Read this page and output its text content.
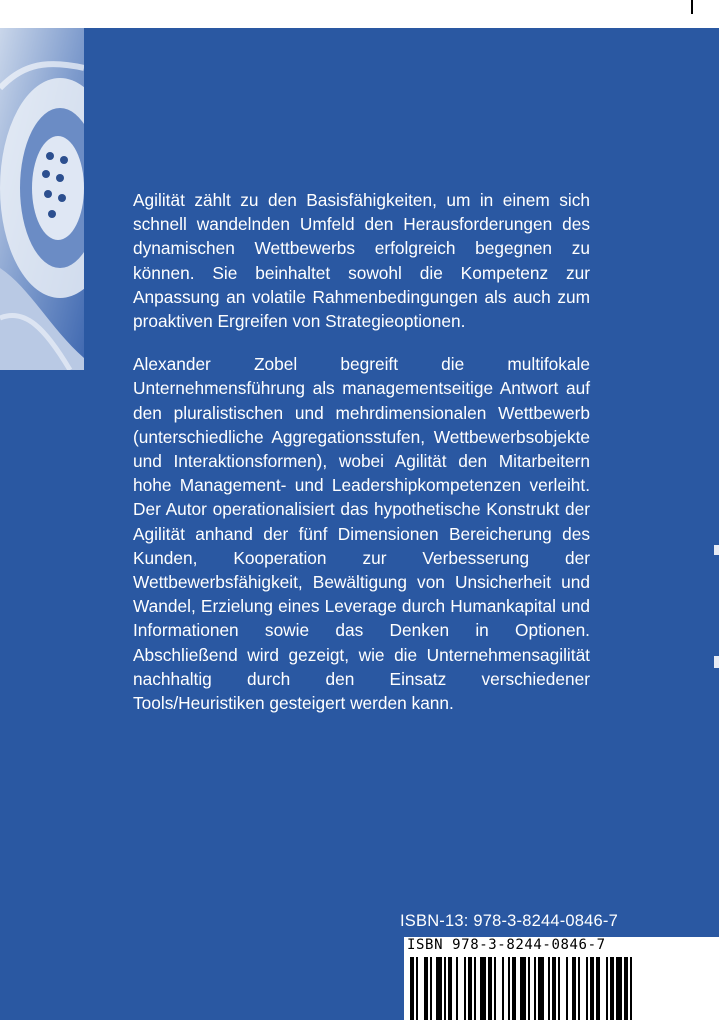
Agilität zählt zu den Basisfähigkeiten, um in einem sich schnell wandelnden Umfeld den Herausforderungen des dynamischen Wettbewerbs erfolgreich begegnen zu können. Sie beinhaltet sowohl die Kompetenz zur Anpassung an volatile Rahmenbedingungen als auch zum proaktiven Ergreifen von Strategieoptionen.

Alexander Zobel begreift die multifokale Unternehmensführung als managementseitige Antwort auf den pluralistischen und mehrdimensionalen Wettbewerb (unterschiedliche Aggregationsstufen, Wettbewerbsobjekte und Interaktionsformen), wobei Agilität den Mitarbeitern hohe Management- und Leadershipkompetenzen verleiht. Der Autor operationalisiert das hypothetische Konstrukt der Agilität anhand der fünf Dimensionen Bereicherung des Kunden, Kooperation zur Verbesserung der Wettbewerbsfähigkeit, Bewältigung von Unsicherheit und Wandel, Erzielung eines Leverage durch Humankapital und Informationen sowie das Denken in Optionen. Abschließend wird gezeigt, wie die Unternehmensagilität nachhaltig durch den Einsatz verschiedener Tools/Heuristiken gesteigert werden kann.

ISBN-13: 978-3-8244-0846-7
ISBN 978-3-8244-0846-7
